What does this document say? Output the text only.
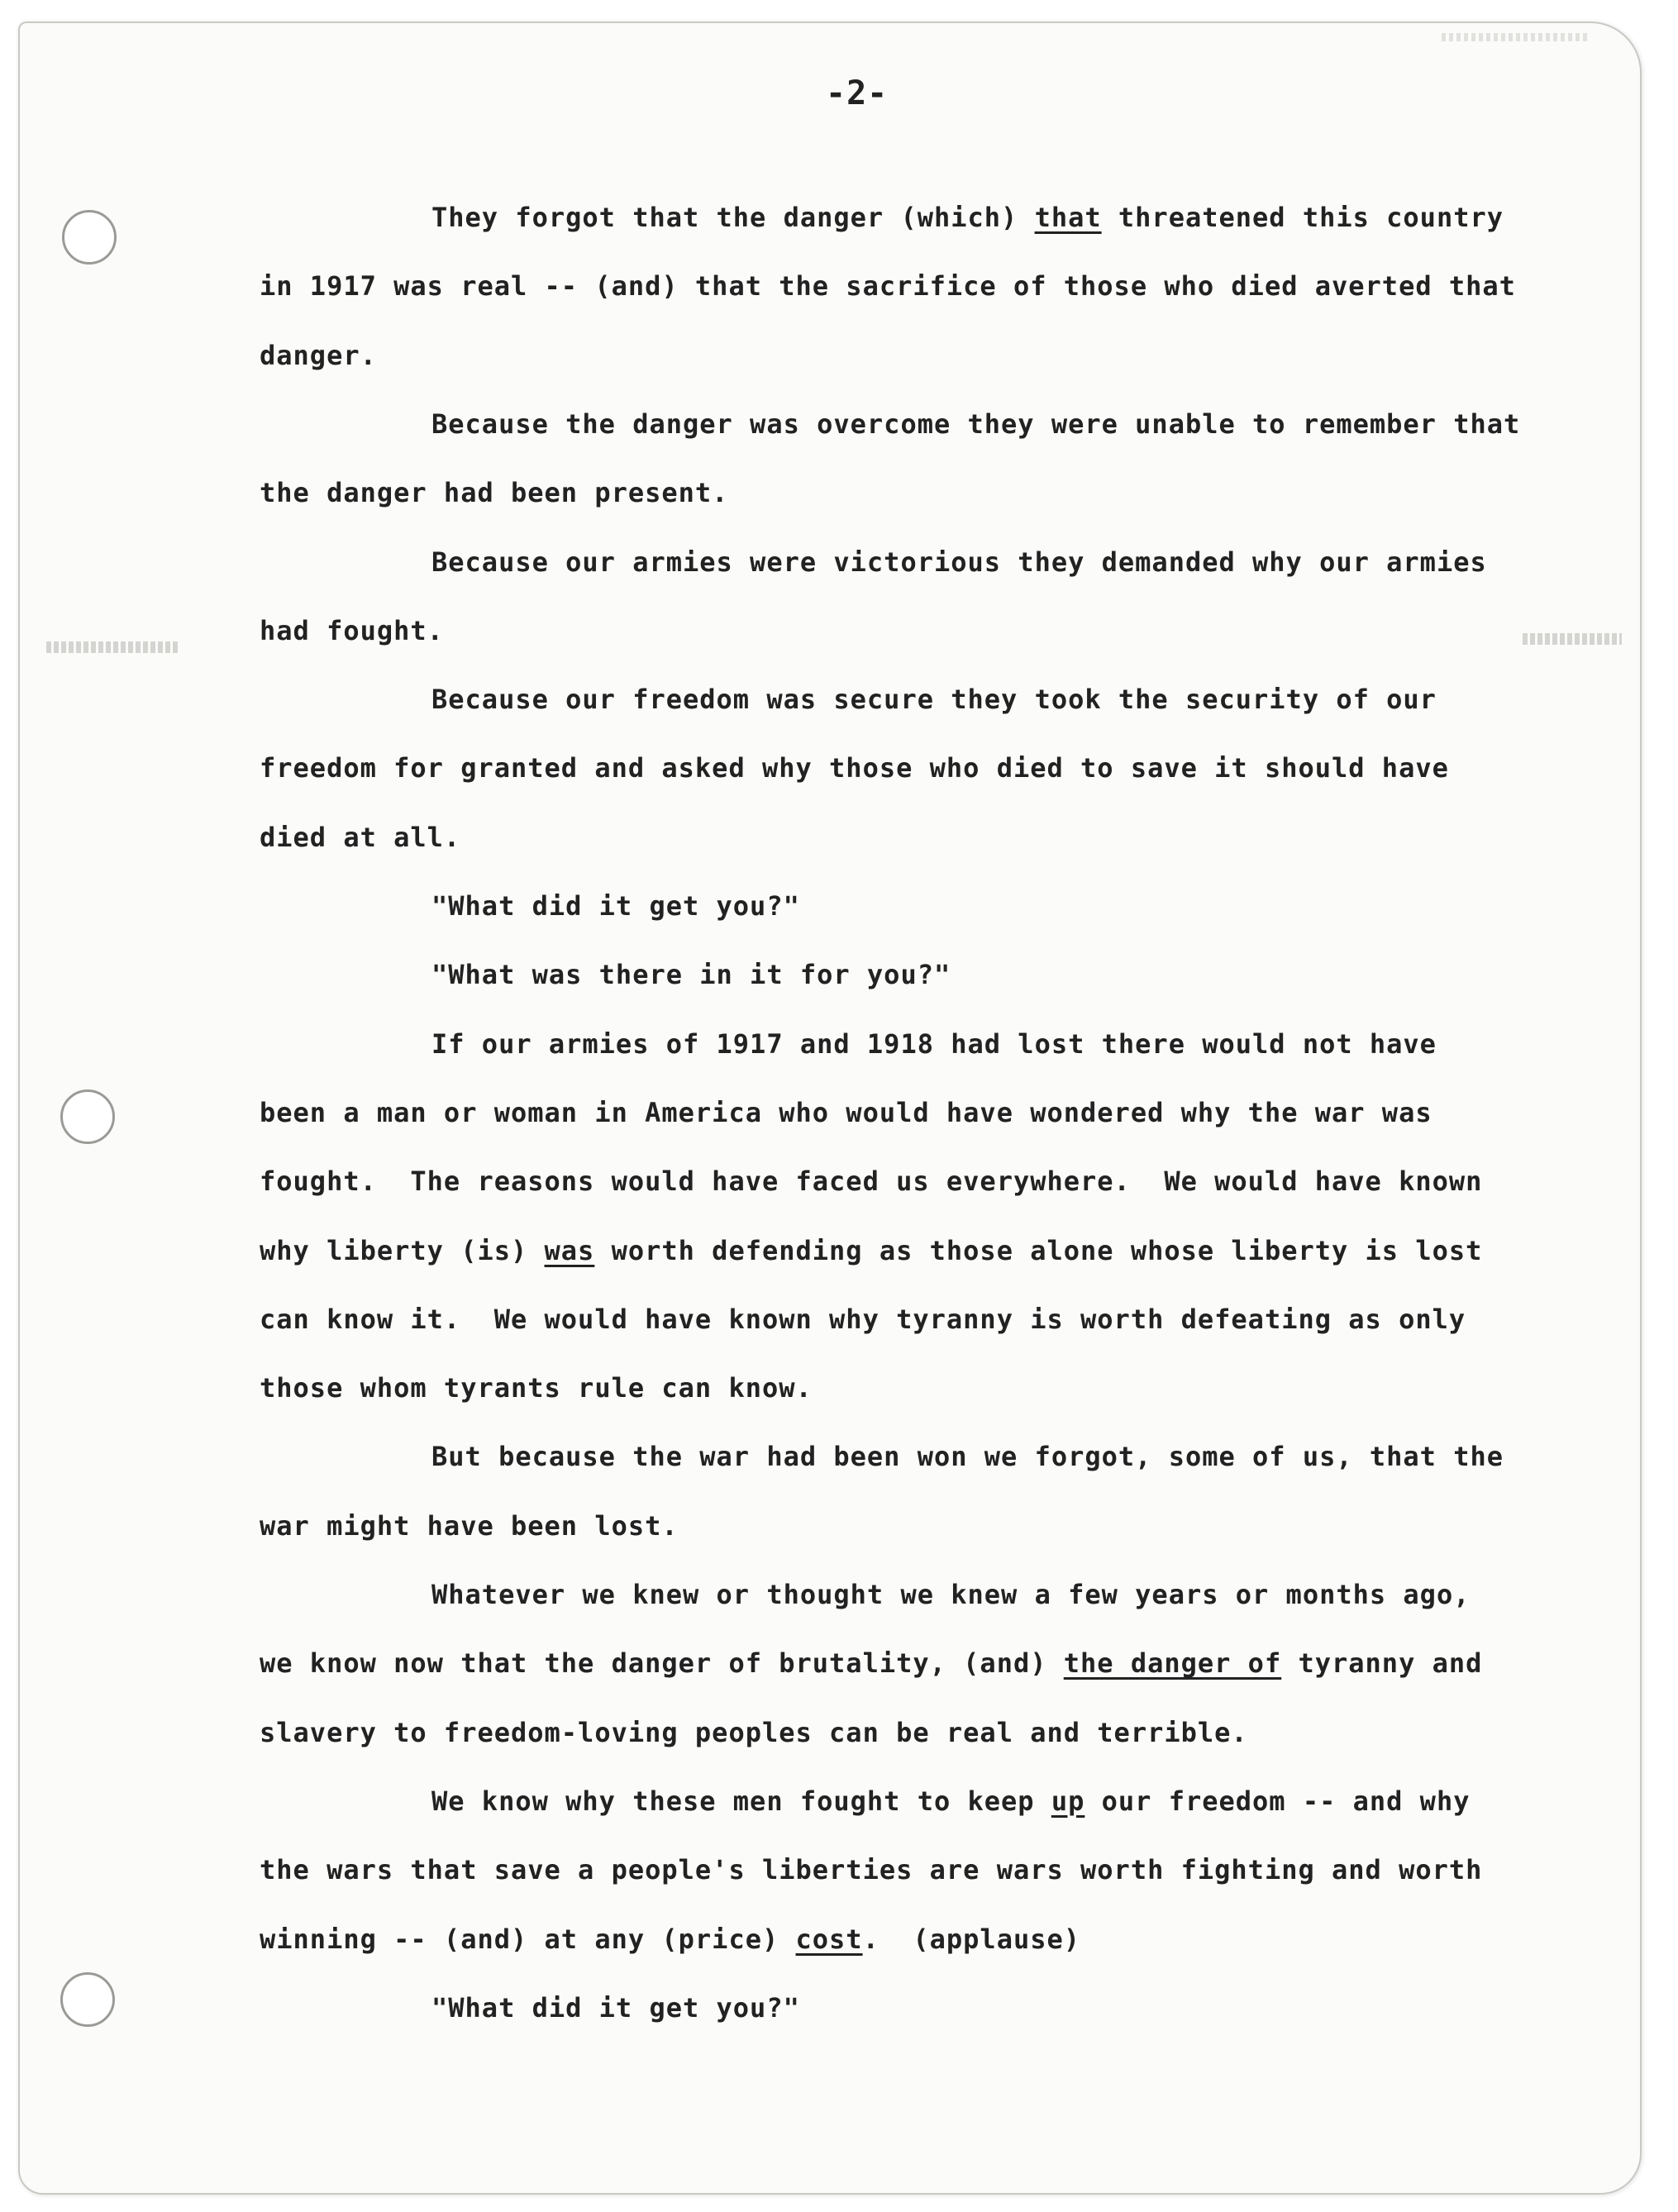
-2-
They forgot that the danger (which) that threatened this country
in 1917 was real -- (and) that the sacrifice of those who died averted that
danger.
Because the danger was overcome they were unable to remember that
the danger had been present.
Because our armies were victorious they demanded why our armies
had fought.
Because our freedom was secure they took the security of our
freedom for granted and asked why those who died to save it should have
died at all.
"What did it get you?"
"What was there in it for you?"
If our armies of 1917 and 1918 had lost there would not have
been a man or woman in America who would have wondered why the war was
fought.  The reasons would have faced us everywhere.  We would have known
why liberty (is) was worth defending as those alone whose liberty is lost
can know it.  We would have known why tyranny is worth defeating as only
those whom tyrants rule can know.
But because the war had been won we forgot, some of us, that the
war might have been lost.
Whatever we knew or thought we knew a few years or months ago,
we know now that the danger of brutality, (and) the danger of tyranny and
slavery to freedom-loving peoples can be real and terrible.
We know why these men fought to keep up our freedom -- and why
the wars that save a people's liberties are wars worth fighting and worth
winning -- (and) at any (price) cost.  (applause)
"What did it get you?"
